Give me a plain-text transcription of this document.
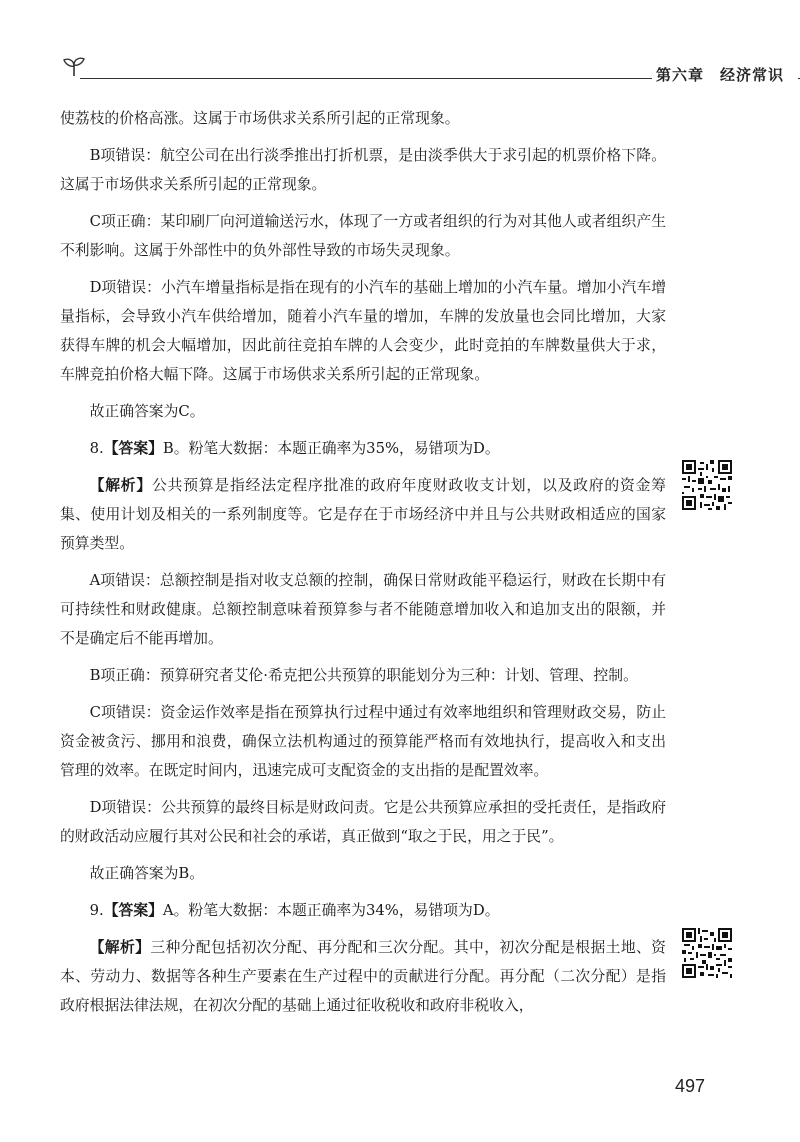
第六章　经济常识

使荔枝的价格高涨。这属于市场供求关系所引起的正常现象。

B项错误：航空公司在出行淡季推出打折机票，是由淡季供大于求引起的机票价格下降。这属于市场供求关系所引起的正常现象。

C项正确：某印刷厂向河道输送污水，体现了一方或者组织的行为对其他人或者组织产生不利影响。这属于外部性中的负外部性导致的市场失灵现象。

D项错误：小汽车增量指标是指在现有的小汽车的基础上增加的小汽车量。增加小汽车增量指标，会导致小汽车供给增加，随着小汽车量的增加，车牌的发放量也会同比增加，大家获得车牌的机会大幅增加，因此前往竞拍车牌的人会变少，此时竞拍的车牌数量供大于求，车牌竞拍价格大幅下降。这属于市场供求关系所引起的正常现象。

故正确答案为C。

8.【答案】B。粉笔大数据：本题正确率为35%，易错项为D。

【解析】公共预算是指经法定程序批准的政府年度财政收支计划，以及政府的资金筹集、使用计划及相关的一系列制度等。它是存在于市场经济中并且与公共财政相适应的国家预算类型。

A项错误：总额控制是指对收支总额的控制，确保日常财政能平稳运行，财政在长期中有可持续性和财政健康。总额控制意味着预算参与者不能随意增加收入和追加支出的限额，并不是确定后不能再增加。

B项正确：预算研究者艾伦·希克把公共预算的职能划分为三种：计划、管理、控制。

C项错误：资金运作效率是指在预算执行过程中通过有效率地组织和管理财政交易，防止资金被贪污、挪用和浪费，确保立法机构通过的预算能严格而有效地执行，提高收入和支出管理的效率。在既定时间内，迅速完成可支配资金的支出指的是配置效率。

D项错误：公共预算的最终目标是财政问责。它是公共预算应承担的受托责任，是指政府的财政活动应履行其对公民和社会的承诺，真正做到“取之于民，用之于民”。

故正确答案为B。

9.【答案】A。粉笔大数据：本题正确率为34%，易错项为D。

【解析】三种分配包括初次分配、再分配和三次分配。其中，初次分配是根据土地、资本、劳动力、数据等各种生产要素在生产过程中的贡献进行分配。再分配（二次分配）是指政府根据法律法规，在初次分配的基础上通过征收税收和政府非税收入，

497
